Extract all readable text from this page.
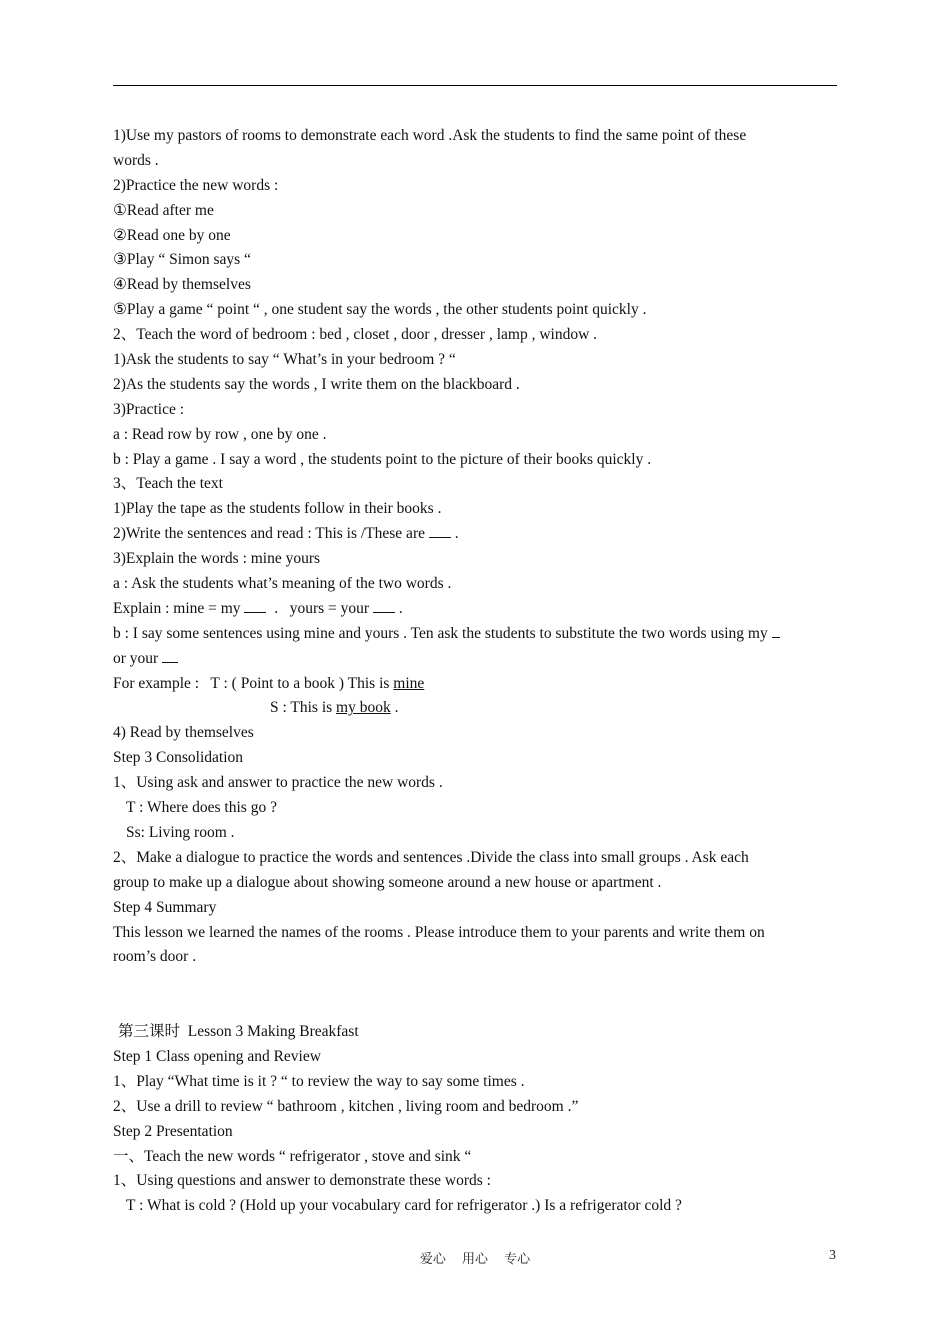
1)Use my pastors of rooms to demonstrate each word .Ask the students to find the same point of these
words .
2)Practice the new words :
①Read after me
②Read one by one
③Play “ Simon says “
④Read by themselves
⑤Play a game “ point “ , one student say the words , the other students point quickly .
2、Teach the word of bedroom : bed , closet , door , dresser , lamp , window .
1)Ask the students to say “ What’s in your bedroom ? “
2)As the students say the words , I write them on the blackboard .
3)Practice :
a : Read row by row , one by one .
b : Play a game . I say a word , the students point to the picture of their books quickly .
3、Teach the text
1)Play the tape as the students follow in their books .
2)Write the sentences and read : This is /These are  .
3)Explain the words : mine yours
a : Ask the students what’s meaning of the two words .
Explain : mine = my   .   yours = your  .
b : I say some sentences using mine and yours . Ten ask the students to substitute the two words using my
or your
For example :   T : ( Point to a book ) This is mine
S : This is my book .
4) Read by themselves
Step 3 Consolidation
1、Using ask and answer to practice the new words .
T : Where does this go ?
Ss: Living room .
2、Make a dialogue to practice the words and sentences .Divide the class into small groups . Ask each
group to make up a dialogue about showing someone around a new house or apartment .
Step 4 Summary
This lesson we learned the names of the rooms . Please introduce them to your parents and write them on
room’s door .
第三课时  Lesson 3 Making Breakfast
Step 1 Class opening and Review
1、Play “What time is it ? “ to review the way to say some times .
2、Use a drill to review “ bathroom , kitchen , living room and bedroom .”
Step 2 Presentation
一、Teach the new words “ refrigerator , stove and sink “
1、Using questions and answer to demonstrate these words :
T : What is cold ? (Hold up your vocabulary card for refrigerator .) Is a refrigerator cold ?
爱心 用心 专心	3
